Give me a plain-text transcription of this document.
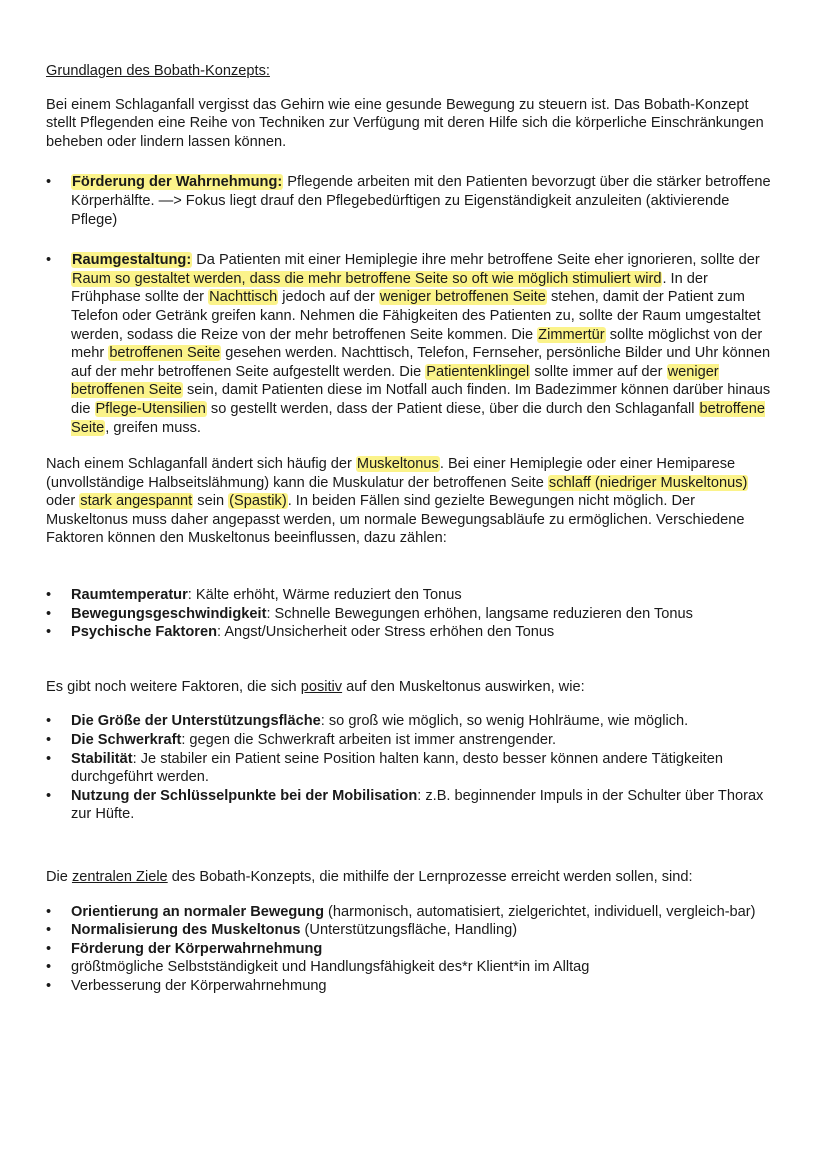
Grundlagen des Bobath-Konzepts:

Bei einem Schlaganfall vergisst das Gehirn wie eine gesunde Bewegung zu steuern ist. Das Bobath-Konzept stellt Pflegenden eine Reihe von Techniken zur Verfügung mit deren Hilfe sich die körperliche Einschränkungen beheben oder lindern lassen können.

• Förderung der Wahrnehmung: Pflegende arbeiten mit den Patienten bevorzugt über die stärker betroffene Körperhälfte. —> Fokus liegt drauf den Pflegebedürftigen zu Eigenständigkeit anzuleiten (aktivierende Pflege)
• Raumgestaltung: Da Patienten mit einer Hemiplegie ihre mehr betroffene Seite eher ignorieren, sollte der Raum so gestaltet werden, dass die mehr betroffene Seite so oft wie möglich stimuliert wird. In der Frühphase sollte der Nachttisch jedoch auf der weniger betroffenen Seite stehen, damit der Patient zum Telefon oder Getränk greifen kann. Nehmen die Fähigkeiten des Patienten zu, sollte der Raum umgestaltet werden, sodass die Reize von der mehr betroffenen Seite kommen. Die Zimmertür sollte möglichst von der mehr betroffenen Seite gesehen werden. Nachttisch, Telefon, Fernseher, persönliche Bilder und Uhr können auf der mehr betroffenen Seite aufgestellt werden. Die Patientenklingel sollte immer auf der weniger betroffenen Seite sein, damit Patienten diese im Notfall auch finden. Im Badezimmer können darüber hinaus die Pflege-Utensilien so gestellt werden, dass der Patient diese, über die durch den Schlaganfall betroffene Seite, greifen muss.

Nach einem Schlaganfall ändert sich häufig der Muskeltonus. Bei einer Hemiplegie oder einer Hemiparese (unvollständige Halbseitslähmung) kann die Muskulatur der betroffenen Seite schlaff (niedriger Muskeltonus) oder stark angespannt sein (Spastik). In beiden Fällen sind gezielte Bewegungen nicht möglich. Der Muskeltonus muss daher angepasst werden, um normale Bewegungsabläufe zu ermöglichen. Verschiedene Faktoren können den Muskeltonus beeinflussen, dazu zählen:

• Raumtemperatur: Kälte erhöht, Wärme reduziert den Tonus
• Bewegungsgeschwindigkeit: Schnelle Bewegungen erhöhen, langsame reduzieren den Tonus
• Psychische Faktoren: Angst/Unsicherheit oder Stress erhöhen den Tonus

Es gibt noch weitere Faktoren, die sich positiv auf den Muskeltonus auswirken, wie:

• Die Größe der Unterstützungsfläche: so groß wie möglich, so wenig Hohlräume, wie möglich.
• Die Schwerkraft: gegen die Schwerkraft arbeiten ist immer anstrengender.
• Stabilität: Je stabiler ein Patient seine Position halten kann, desto besser können andere Tätigkeiten durchgeführt werden.
• Nutzung der Schlüsselpunkte bei der Mobilisation: z.B. beginnender Impuls in der Schulter über Thorax zur Hüfte.

Die zentralen Ziele des Bobath-Konzepts, die mithilfe der Lernprozesse erreicht werden sollen, sind:

• Orientierung an normaler Bewegung (harmonisch, automatisiert, zielgerichtet, individuell, vergleich-bar)
• Normalisierung des Muskeltonus (Unterstützungsfläche, Handling)
• Förderung der Körperwahrnehmung
• größtmögliche Selbstständigkeit und Handlungsfähigkeit des*r Klient*in im Alltag
• Verbesserung der Körperwahrnehmung
